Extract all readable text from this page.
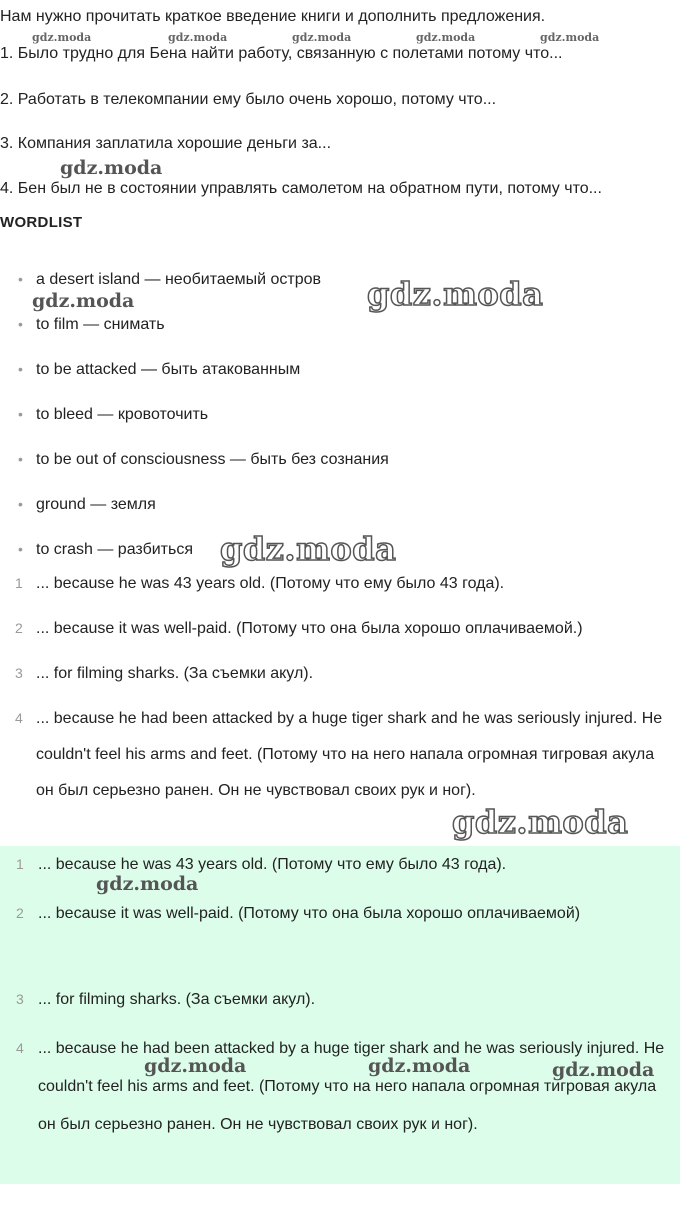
Нам нужно прочитать краткое введение книги и дополнить предложения.
1. Было трудно для Бена найти работу, связанную с полетами потому что...
2. Работать в телекомпании ему было очень хорошо, потому что...
3. Компания заплатила хорошие деньги за...
4. Бен был не в состоянии управлять самолетом на обратном пути, потому что...
WORDLIST
• a desert island — необитаемый остров
• to film — снимать
• to be attacked — быть атакованным
• to bleed — кровоточить
• to be out of consciousness — быть без сознания
• ground — земля
• to crash — разбиться
1 ... because he was 43 years old. (Потому что ему было 43 года).
2 ... because it was well-paid. (Потому что она была хорошо оплачиваемой.)
3 ... for filming sharks. (За съемки акул).
4 ... because he had been attacked by a huge tiger shark and he was seriously injured. He couldn't feel his arms and feet. (Потому что на него напала огромная тигровая акула он был серьезно ранен. Он не чувствовал своих рук и ног).
1 ... because he was 43 years old. (Потому что ему было 43 года).
2 ... because it was well-paid. (Потому что она была хорошо оплачиваемой)
3 ... for filming sharks. (За съемки акул).
4 ... because he had been attacked by a huge tiger shark and he was seriously injured. He couldn't feel his arms and feet. (Потому что на него напала огромная тигровая акула он был серьезно ранен. Он не чувствовал своих рук и ног).
gdz.moda	gdz.moda	gdz.moda	gdz.moda	gdz.moda
gdz.moda
gdz.moda	gdz.moda
gdz.moda
gdz.moda
gdz.moda
gdz.moda	gdz.moda	gdz.moda
